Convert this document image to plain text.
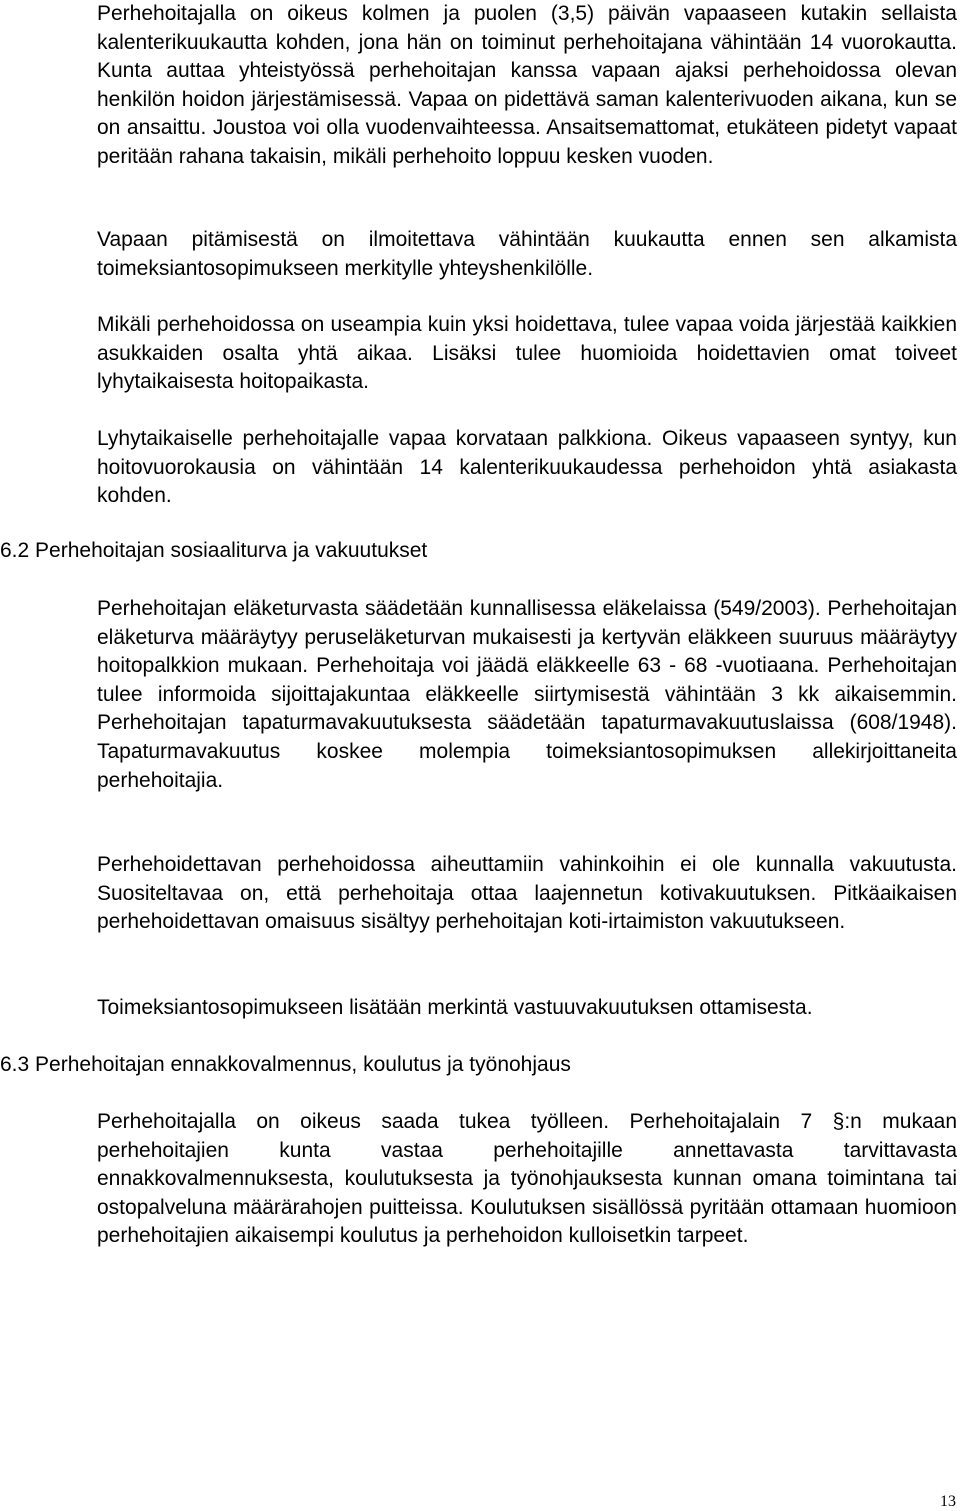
Perhehoitajalla on oikeus kolmen ja puolen (3,5) päivän vapaaseen kutakin sellaista kalenterikuukautta kohden, jona hän on toiminut perhehoitajana vähintään 14 vuorokautta. Kunta auttaa yhteistyössä perhehoitajan kanssa vapaan ajaksi perhehoidossa olevan henkilön hoidon järjestämisessä. Vapaa on pidettävä saman kalenterivuoden aikana, kun se on ansaittu. Joustoa voi olla vuodenvaihteessa. Ansaitsemattomat, etukäteen pidetyt vapaat peritään rahana takaisin, mikäli perhehoito loppuu kesken vuoden.

Vapaan pitämisestä on ilmoitettava vähintään kuukautta ennen sen alkamista toimeksiantosopimukseen merkitylle yhteyshenkilölle.

Mikäli perhehoidossa on useampia kuin yksi hoidettava, tulee vapaa voida järjestää kaikkien asukkaiden osalta yhtä aikaa. Lisäksi tulee huomioida hoidettavien omat toiveet lyhytaikaisesta hoitopaikasta.

Lyhytaikaiselle perhehoitajalle vapaa korvataan palkkiona. Oikeus vapaaseen syntyy, kun hoitovuorokausia on vähintään 14 kalenterikuukaudessa perhehoidon yhtä asiakasta kohden.

6.2 Perhehoitajan sosiaaliturva ja vakuutukset

Perhehoitajan eläketurvasta säädetään kunnallisessa eläkelaissa (549/2003). Perhehoitajan eläketurva määräytyy peruseläketurvan mukaisesti ja kertyvän eläkkeen suuruus määräytyy hoitopalkkion mukaan. Perhehoitaja voi jäädä eläkkeelle 63 - 68 -vuotiaana. Perhehoitajan tulee informoida sijoittajakuntaa eläkkeelle siirtymisestä vähintään 3 kk aikaisemmin. Perhehoitajan tapaturmavakuutuksesta säädetään tapaturmavakuutuslaissa (608/1948). Tapaturmavakuutus koskee molempia toimeksiantosopimuksen allekirjoittaneita perhehoitajia.

Perhehoidettavan perhehoidossa aiheuttamiin vahinkoihin ei ole kunnalla vakuutusta. Suositeltavaa on, että perhehoitaja ottaa laajennetun kotivakuutuksen. Pitkäaikaisen perhehoidettavan omaisuus sisältyy perhehoitajan koti-irtaimiston vakuutukseen.

Toimeksiantosopimukseen lisätään merkintä vastuuvakuutuksen ottamisesta.

6.3 Perhehoitajan ennakkovalmennus, koulutus ja työnohjaus

Perhehoitajalla on oikeus saada tukea työlleen. Perhehoitajalain 7 §:n mukaan perhehoitajien kunta vastaa perhehoitajille annettavasta tarvittavasta ennakkovalmennuksesta, koulutuksesta ja työnohjauksesta kunnan omana toimintana tai ostopalveluna määrärahojen puitteissa. Koulutuksen sisällössä pyritään ottamaan huomioon perhehoitajien aikaisempi koulutus ja perhehoidon kulloisetkin tarpeet.

13
